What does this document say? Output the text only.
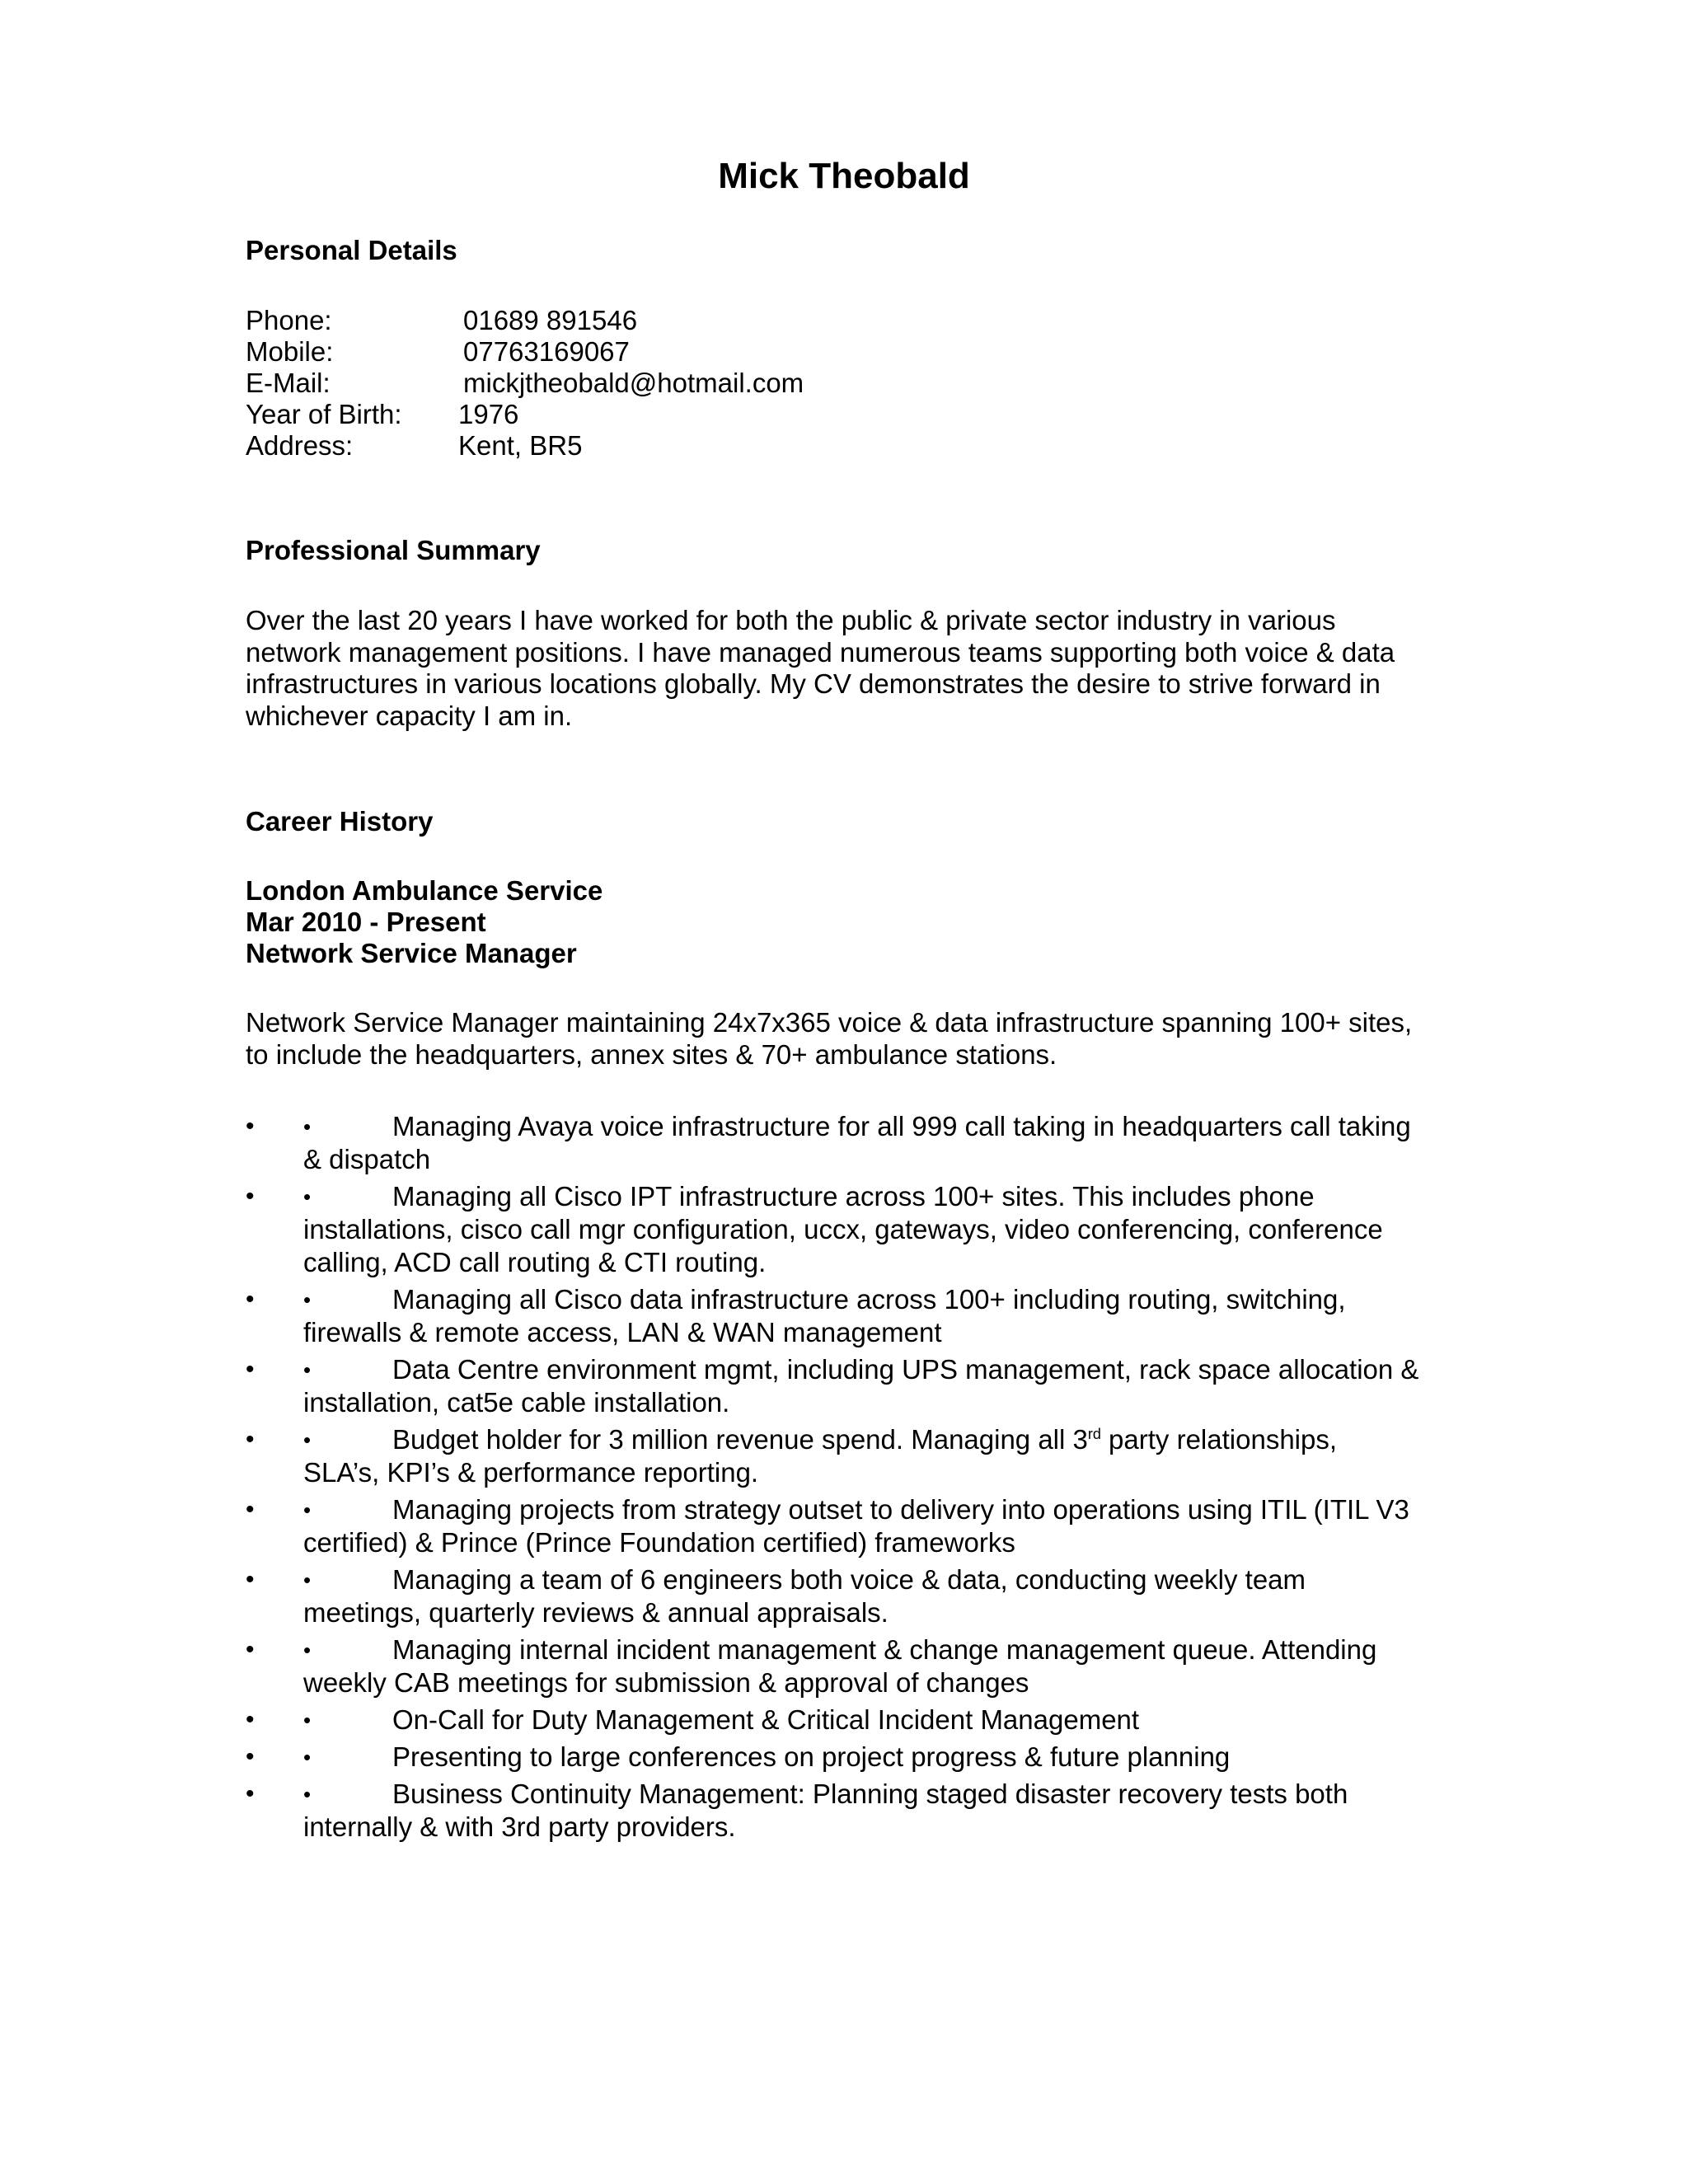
Mick Theobald
Personal Details
Phone:	01689 891546
Mobile:	07763169067
E-Mail:	mickjtheobald@hotmail.com
Year of Birth: 1976
Address:	Kent, BR5
Professional Summary
Over the last 20 years I have worked for both the public & private sector industry in various
network management positions. I have managed numerous teams supporting both voice & data
infrastructures in various locations globally. My CV demonstrates the desire to strive forward in
whichever capacity I am in.
Career History
London Ambulance Service
Mar 2010 - Present
Network Service Manager
Network Service Manager maintaining 24x7x365 voice & data infrastructure spanning 100+ sites,
to include the headquarters, annex sites & 70+ ambulance stations.
•	•	Managing Avaya voice infrastructure for all 999 call taking in headquarters call taking
& dispatch
•	•	Managing all Cisco IPT infrastructure across 100+ sites. This includes phone
installations, cisco call mgr configuration, uccx, gateways, video conferencing, conference
calling, ACD call routing & CTI routing.
•	•	Managing all Cisco data infrastructure across 100+ including routing, switching,
firewalls & remote access, LAN & WAN management
•	•	Data Centre environment mgmt, including UPS management, rack space allocation &
installation, cat5e cable installation.
•	•	Budget holder for 3 million revenue spend. Managing all 3rd party relationships,
SLA’s, KPI’s & performance reporting.
•	•	Managing projects from strategy outset to delivery into operations using ITIL (ITIL V3
certified) & Prince (Prince Foundation certified) frameworks
•	•	Managing a team of 6 engineers both voice & data, conducting weekly team
meetings, quarterly reviews & annual appraisals.
•	•	Managing internal incident management & change management queue. Attending
weekly CAB meetings for submission & approval of changes
•	•	On-Call for Duty Management & Critical Incident Management
•	•	Presenting to large conferences on project progress & future planning
•	•	Business Continuity Management: Planning staged disaster recovery tests both
internally & with 3rd party providers.
